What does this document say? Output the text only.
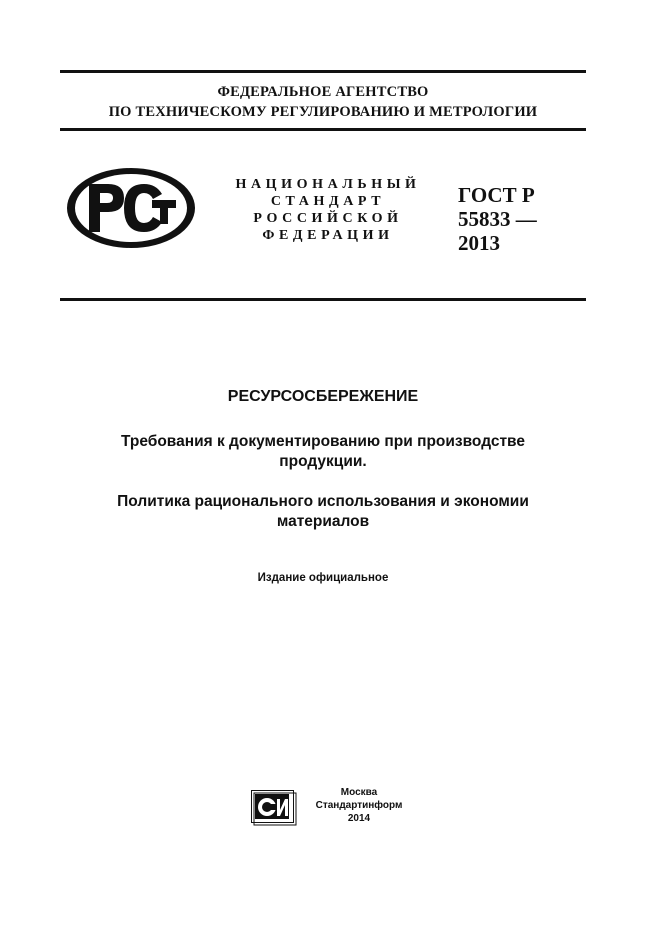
ФЕДЕРАЛЬНОЕ АГЕНТСТВО
ПО ТЕХНИЧЕСКОМУ РЕГУЛИРОВАНИЮ И МЕТРОЛОГИИ
НАЦИОНАЛЬНЫЙ
СТАНДАРТ
РОССИЙСКОЙ
ФЕДЕРАЦИИ
ГОСТ Р
55833 —
2013
РЕСУРСОСБЕРЕЖЕНИЕ
Требования к документированию при производстве
продукции.
Политика рационального использования и экономии
материалов
Издание официальное
Москва
Стандартинформ
2014
